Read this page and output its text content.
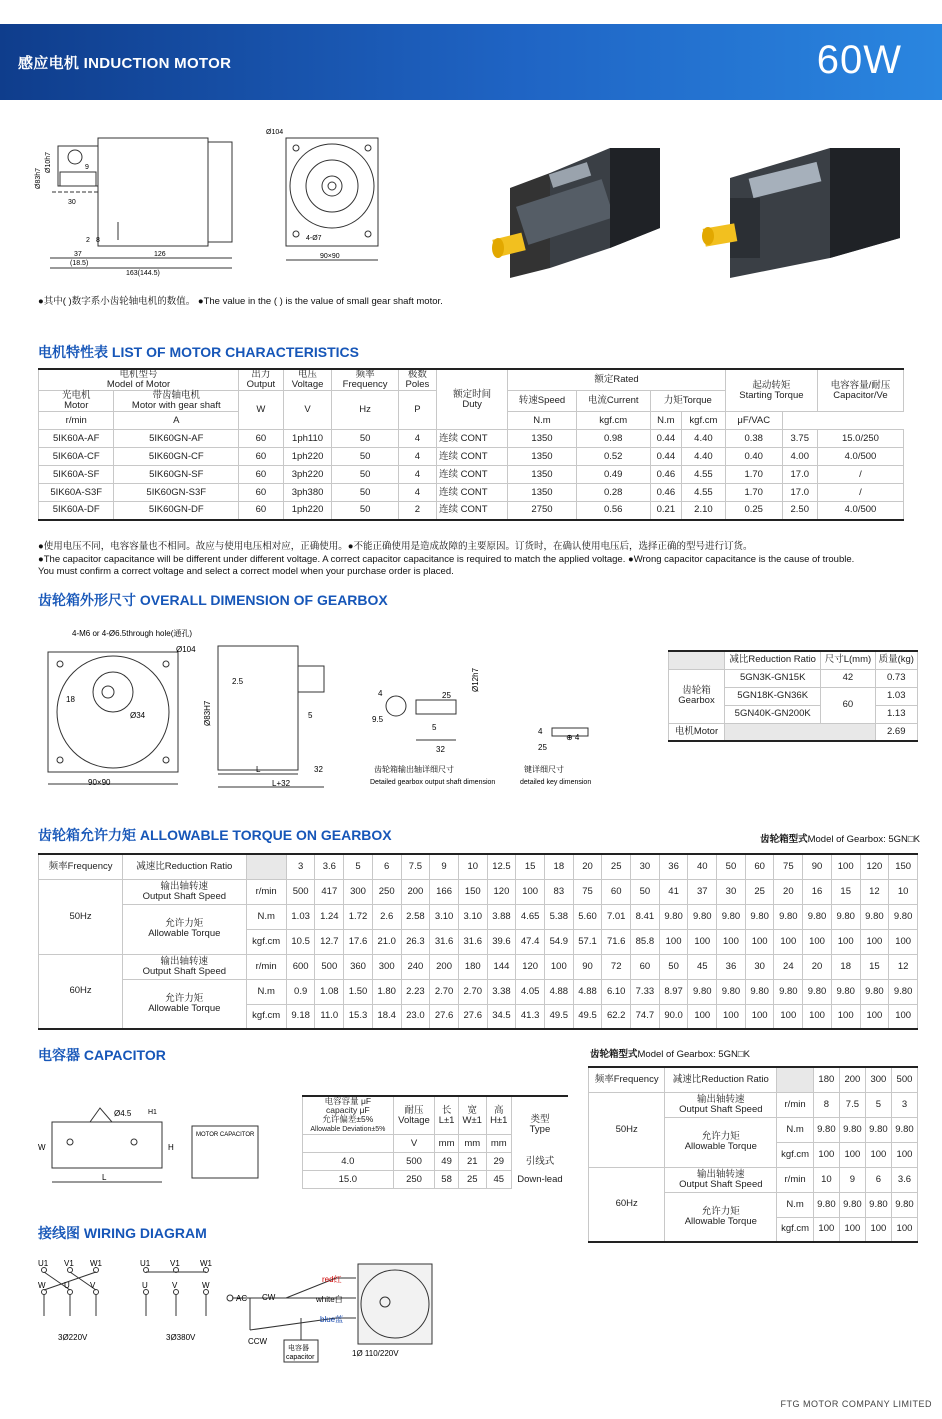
感应电机 INDUCTION MOTOR	60W
30
9
Ø83h7
Ø10h7
2 8
37
(18.5)
126
163(144.5)
Ø104
4-Ø7
90×90
●其中( )数字系小齿轮轴电机的数值。 ●The value in the ( ) is the value of small gear shaft motor.
电机特性表 LIST OF MOTOR CHARACTERISTICS
电机型号
Model of Motor		出力
Output	电压
Voltage	频率
Frequency	极数
Poles	额定时间
Duty	额定Rated				起动转矩
Starting Torque		电容容量/耐压
Capacitor/Ve
光电机
Motor	带齿轴电机
Motor with gear shaft	W	V	Hz	P		转速Speed	电流Current	力矩Torque				
r/min	A						N.m	kgf.cm	N.m	kgf.cm	μF/VAC		
5IK60A-AF	5IK60GN-AF	60	1ph110	50	4	连续 CONT	1350	0.98	0.44	4.40	0.38	3.75	15.0/250
5IK60A-CF	5IK60GN-CF	60	1ph220	50	4	连续 CONT	1350	0.52	0.44	4.40	0.40	4.00	4.0/500
5IK60A-SF	5IK60GN-SF	60	3ph220	50	4	连续 CONT	1350	0.49	0.46	4.55	1.70	17.0	/
5IK60A-S3F	5IK60GN-S3F	60	3ph380	50	4	连续 CONT	1350	0.28	0.46	4.55	1.70	17.0	/
5IK60A-DF	5IK60GN-DF	60	1ph220	50	2	连续 CONT	2750	0.56	0.21	2.10	0.25	2.50	4.0/500
●使用电压不同，电容容量也不相同。故应与使用电压相对应，正确使用。●不能正确使用是造成故障的主要原因。订货时，在确认使用电压后，选择正确的型号进行订货。
●The capacitor capacitance will be different under different voltage. A correct capacitor capacitance is required to match the applied voltage. ●Wrong capacitor capacitance is the cause of trouble.
You must confirm a correct voltage and select a correct model when your purchase order is placed.
齿轮箱外形尺寸 OVERALL DIMENSION OF GEARBOX
4-M6 or 4-Ø6.5through hole(通孔)
Ø104
Ø34
18
90×90
Ø83H7
2.5
5
L
L+32
32
4
9.5
25
5
32
Ø12h7
4
25
⊕ 4
齿轮箱输出轴详细尺寸
Detailed gearbox output shaft dimension
键详细尺寸
detailed key dimension
	减比Reduction Ratio	尺寸L(mm)	质量(kg)
齿轮箱
Gearbox	5GN3K-GN15K	42	0.73
	5GN18K-GN36K	60	1.03
	5GN40K-GN200K		1.13
电机Motor			2.69
齿轮箱允许力矩 ALLOWABLE TORQUE ON GEARBOX	齿轮箱型式Model of Gearbox: 5GN□K
频率Frequency	减速比Reduction Ratio		3	3.6	5	6	7.5	9	10	12.5	15	18	20	25	30	36	40	50	60	75	90	100	120	150
50Hz	输出轴转速
Output Shaft Speed	r/min	500	417	300	250	200	166	150	120	100	83	75	60	50	41	37	30	25	20	16	15	12	10
	允许力矩
Allowable Torque	N.m	1.03	1.24	1.72	2.6	2.58	3.10	3.10	3.88	4.65	5.38	5.60	7.01	8.41	9.80	9.80	9.80	9.80	9.80	9.80	9.80	9.80	9.80
		kgf.cm	10.5	12.7	17.6	21.0	26.3	31.6	31.6	39.6	47.4	54.9	57.1	71.6	85.8	100	100	100	100	100	100	100	100	100
60Hz	输出轴转速
Output Shaft Speed	r/min	600	500	360	300	240	200	180	144	120	100	90	72	60	50	45	36	30	24	20	18	15	12
	允许力矩
Allowable Torque	N.m	0.9	1.08	1.50	1.80	2.23	2.70	2.70	3.38	4.05	4.88	4.88	6.10	7.33	8.97	9.80	9.80	9.80	9.80	9.80	9.80	9.80	9.80
		kgf.cm	9.18	11.0	15.3	18.4	23.0	27.6	27.6	34.5	41.3	49.5	49.5	62.2	74.7	90.0	100	100	100	100	100	100	100	100
电容器 CAPACITOR
Ø4.5 H1
W	H
L
MOTOR CAPACITOR
电容容量 μF
capacity μF
允许偏差±5%
Allowable Deviation±5%	耐压
Voltage	长
L±1	宽
W±1	高
H±1	类型
Type
	V	mm	mm	mm	
4.0	500	49	21	29	引线式
15.0	250	58	25	45	Down-lead
齿轮箱型式Model of Gearbox: 5GN□K
频率Frequency	减速比Reduction Ratio		180	200	300	500
50Hz	输出轴转速
Output Shaft Speed	r/min	8	7.5	5	3
	允许力矩
Allowable Torque	N.m	9.80	9.80	9.80	9.80
		kgf.cm	100	100	100	100
60Hz	输出轴转速
Output Shaft Speed	r/min	10	9	6	3.6
	允许力矩
Allowable Torque	N.m	9.80	9.80	9.80	9.80
		kgf.cm	100	100	100	100
接线图 WIRING DIAGRAM
U1 V1 W1
W U	V
U1 V1	W1
U	V	W
3Ø220V	3Ø380V
AC CW
CCW
red红
white白
blue蓝
电容器
capacitor	1Ø 110/220V
FTG MOTOR COMPANY LIMITED
